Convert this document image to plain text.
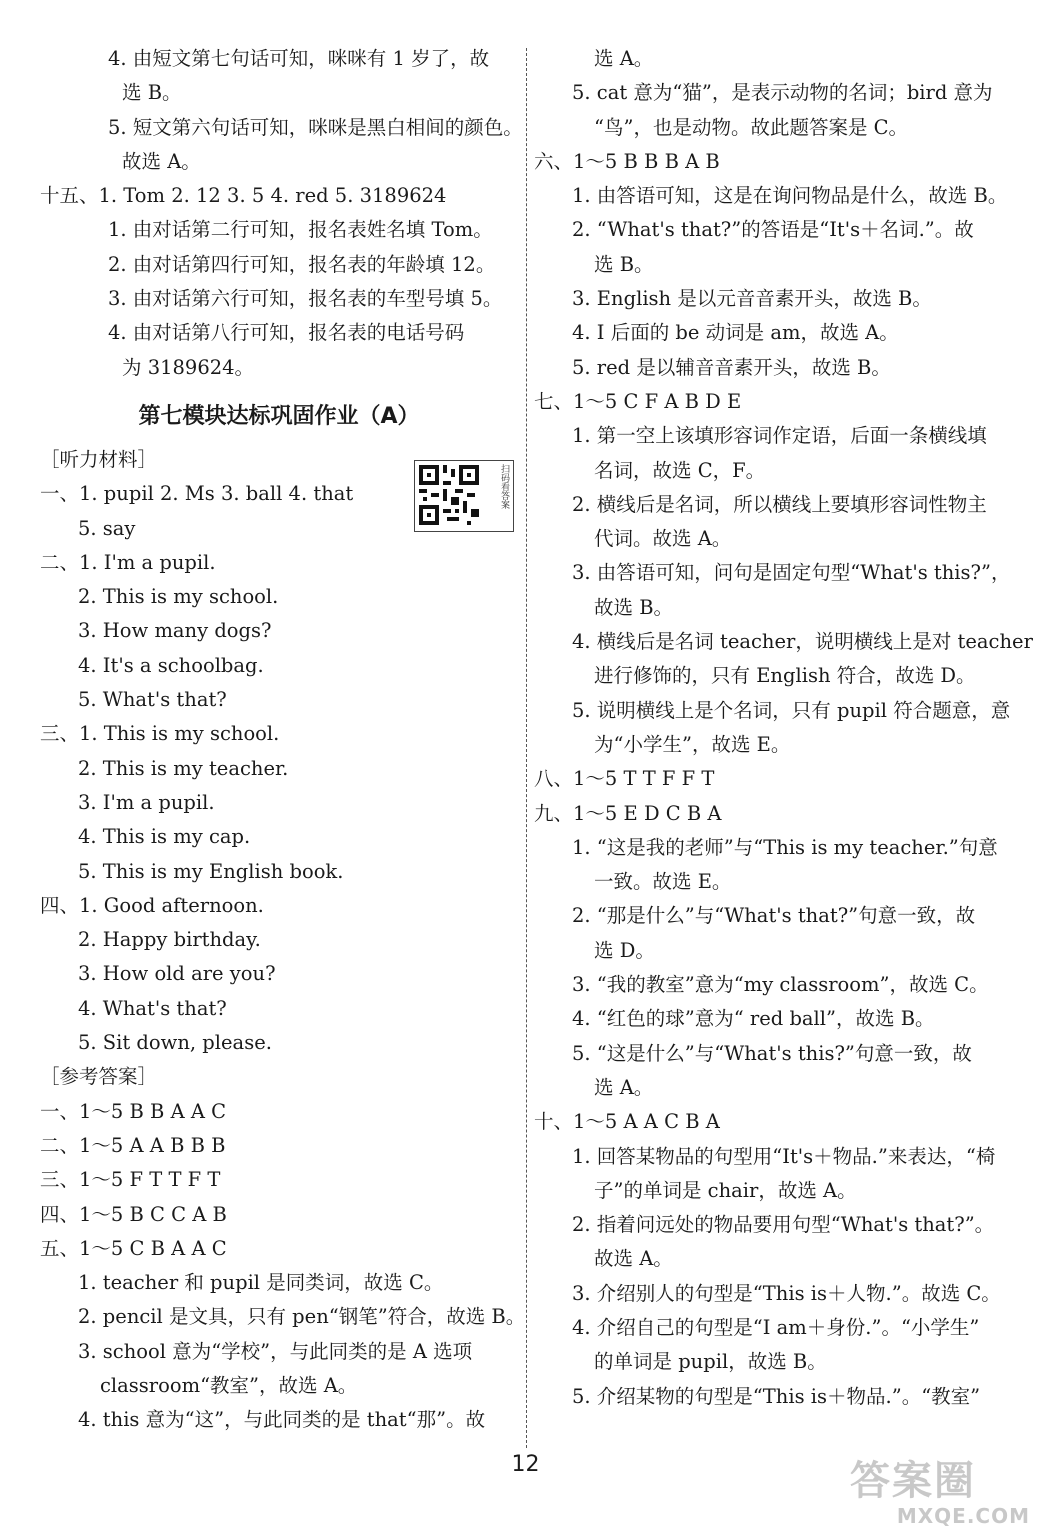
4. 由短文第七句话可知，咪咪有 1 岁了，故
选 B。
5. 短文第六句话可知，咪咪是黑白相间的颜色。
故选 A。
十五、1. Tom 2. 12 3. 5 4. red 5. 3189624
1. 由对话第二行可知，报名表姓名填 Tom。
2. 由对话第四行可知，报名表的年龄填 12。
3. 由对话第六行可知，报名表的车型号填 5。
4. 由对话第八行可知，报名表的电话号码
为 3189624。
第七模块达标巩固作业（A）
［听力材料］
一、1. pupil 2. Ms 3. ball 4. that
5. say
二、1. I'm a pupil.
2. This is my school.
3. How many dogs?
4. It's a schoolbag.
5. What's that?
三、1. This is my school.
2. This is my teacher.
3. I'm a pupil.
4. This is my cap.
5. This is my English book.
四、1. Good afternoon.
2. Happy birthday.
3. How old are you?
4. What's that?
5. Sit down, please.
［参考答案］
一、1～5 B B A A C
二、1～5 A A B B B
三、1～5 F T T F T
四、1～5 B C C A B
五、1～5 C B A A C
1. teacher 和 pupil 是同类词，故选 C。
2. pencil 是文具，只有 pen“钢笔”符合，故选 B。
3. school 意为“学校”，与此同类的是 A 选项
classroom“教室”，故选 A。
4. this 意为“这”，与此同类的是 that“那”。故
扫码看答案
选 A。
5. cat 意为“猫”，是表示动物的名词；bird 意为
“鸟”，也是动物。故此题答案是 C。
六、1～5 B B B A B
1. 由答语可知，这是在询问物品是什么，故选 B。
2. “What's that?”的答语是“It's＋名词.”。故
选 B。
3. English 是以元音音素开头，故选 B。
4. I 后面的 be 动词是 am，故选 A。
5. red 是以辅音音素开头，故选 B。
七、1～5 C F A B D E
1. 第一空上该填形容词作定语，后面一条横线填
名词，故选 C，F。
2. 横线后是名词，所以横线上要填形容词性物主
代词。故选 A。
3. 由答语可知，问句是固定句型“What's this?”，
故选 B。
4. 横线后是名词 teacher，说明横线上是对 teacher
进行修饰的，只有 English 符合，故选 D。
5. 说明横线上是个名词，只有 pupil 符合题意，意
为“小学生”，故选 E。
八、1～5 T T F F T
九、1～5 E D C B A
1. “这是我的老师”与“This is my teacher.”句意
一致。故选 E。
2. “那是什么”与“What's that?”句意一致，故
选 D。
3. “我的教室”意为“my classroom”，故选 C。
4. “红色的球”意为“ red ball”，故选 B。
5. “这是什么”与“What's this?”句意一致，故
选 A。
十、1～5 A A C B A
1. 回答某物品的句型用“It's＋物品.”来表达，“椅
子”的单词是 chair，故选 A。
2. 指着问远处的物品要用句型“What's that?”。
故选 A。
3. 介绍别人的句型是“This is＋人物.”。故选 C。
4. 介绍自己的句型是“I am＋身份.”。“小学生”
的单词是 pupil，故选 B。
5. 介绍某物的句型是“This is＋物品.”。“教室”
12	答案圈
MXQE.COM
